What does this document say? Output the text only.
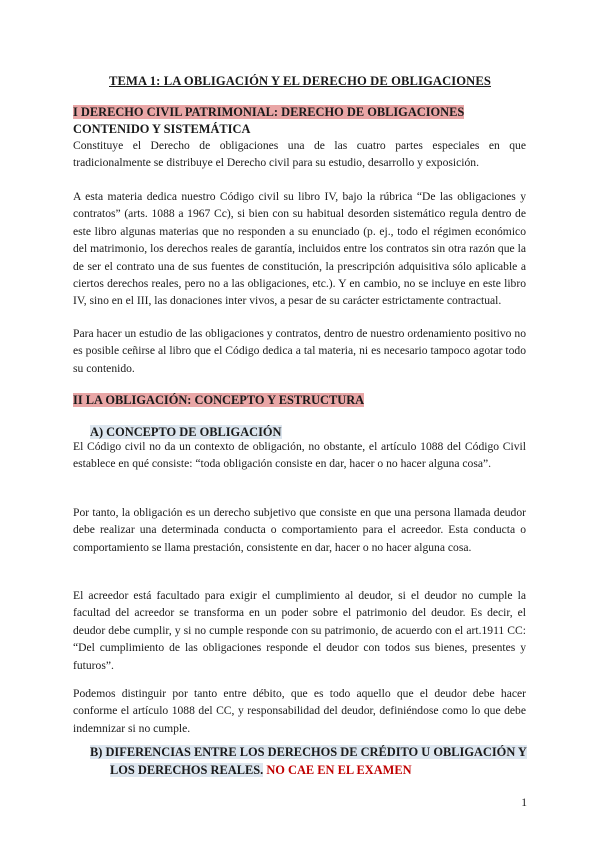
TEMA 1: LA OBLIGACIÓN Y EL DERECHO DE OBLIGACIONES
I DERECHO CIVIL PATRIMONIAL: DERECHO DE OBLIGACIONES
CONTENIDO Y SISTEMÁTICA

Constituye el Derecho de obligaciones una de las cuatro partes especiales en que tradicionalmente se distribuye el Derecho civil para su estudio, desarrollo y exposición.

A esta materia dedica nuestro Código civil su libro IV, bajo la rúbrica “De las obligaciones y contratos” (arts. 1088 a 1967 Cc), si bien con su habitual desorden sistemático regula dentro de este libro algunas materias que no responden a su enunciado (p. ej., todo el régimen económico del matrimonio, los derechos reales de garantía, incluidos entre los contratos sin otra razón que la de ser el contrato una de sus fuentes de constitución, la prescripción adquisitiva sólo aplicable a ciertos derechos reales, pero no a las obligaciones, etc.). Y en cambio, no se incluye en este libro IV, sino en el III, las donaciones inter vivos, a pesar de su carácter estrictamente contractual.

Para hacer un estudio de las obligaciones y contratos, dentro de nuestro ordenamiento positivo no es posible ceñirse al libro que el Código dedica a tal materia, ni es necesario tampoco agotar todo su contenido.

II LA OBLIGACIÓN: CONCEPTO Y ESTRUCTURA
A) CONCEPTO DE OBLIGACIÓN

El Código civil no da un contexto de obligación, no obstante, el artículo 1088 del Código Civil establece en qué consiste: “toda obligación consiste en dar, hacer o no hacer alguna cosa”.

Por tanto, la obligación es un derecho subjetivo que consiste en que una persona llamada deudor debe realizar una determinada conducta o comportamiento para el acreedor. Esta conducta o comportamiento se llama prestación, consistente en dar, hacer o no hacer alguna cosa.

El acreedor está facultado para exigir el cumplimiento al deudor, si el deudor no cumple la facultad del acreedor se transforma en un poder sobre el patrimonio del deudor. Es decir, el deudor debe cumplir, y si no cumple responde con su patrimonio, de acuerdo con el art.1911 CC: “Del cumplimiento de las obligaciones responde el deudor con todos sus bienes, presentes y futuros”.

Podemos distinguir por tanto entre débito, que es todo aquello que el deudor debe hacer conforme el artículo 1088 del CC, y responsabilidad del deudor, definiéndose como lo que debe indemnizar si no cumple.

B) DIFERENCIAS ENTRE LOS DERECHOS DE CRÉDITO U OBLIGACIÓN Y
LOS DERECHOS REALES. NO CAE EN EL EXAMEN
1
